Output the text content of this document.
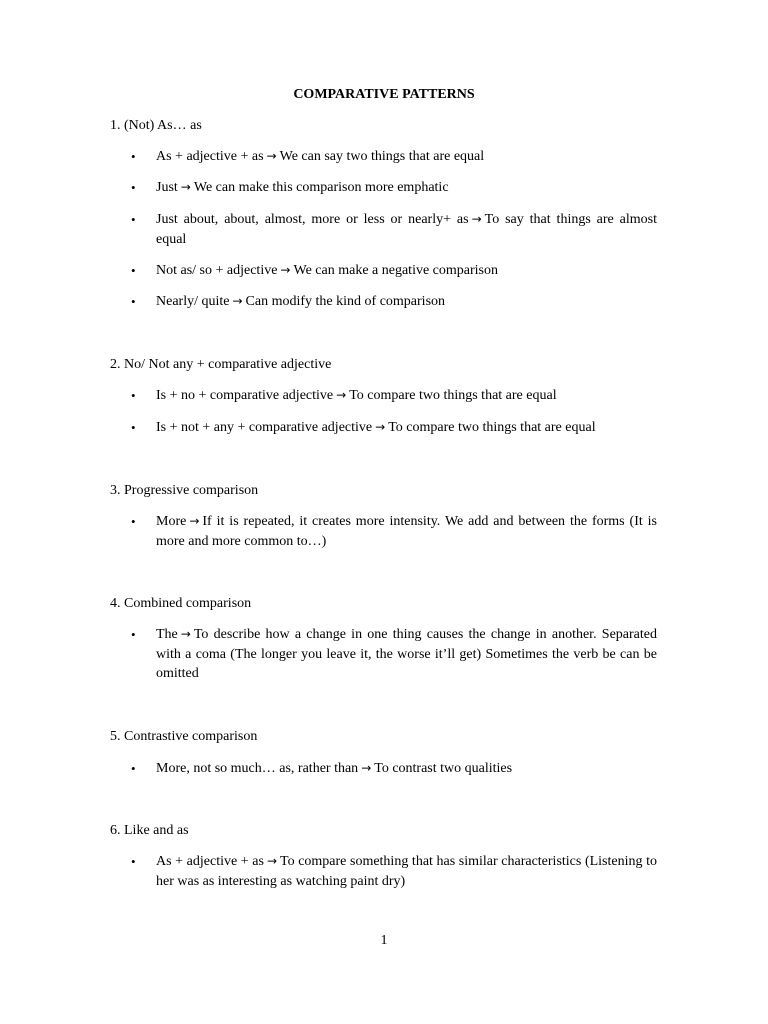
COMPARATIVE PATTERNS
1. (Not) As… as
•	As + adjective + as → We can say two things that are equal
•	Just → We can make this comparison more emphatic
•	Just about, about, almost, more or less or nearly+ as → To say that things are almost equal
•	Not as/ so + adjective → We can make a negative comparison
•	Nearly/ quite → Can modify the kind of comparison
2. No/ Not any + comparative adjective
•	Is + no + comparative adjective → To compare two things that are equal
•	Is + not + any + comparative adjective → To compare two things that are equal
3. Progressive comparison
•	More → If it is repeated, it creates more intensity. We add and between the forms (It is more and more common to…)
4. Combined comparison
•	The → To describe how a change in one thing causes the change in another. Separated with a coma (The longer you leave it, the worse it’ll get) Sometimes the verb be can be omitted
5. Contrastive comparison
•	More, not so much… as, rather than → To contrast two qualities
6. Like and as
•	As + adjective + as → To compare something that has similar characteristics (Listening to her was as interesting as watching paint dry)
1
